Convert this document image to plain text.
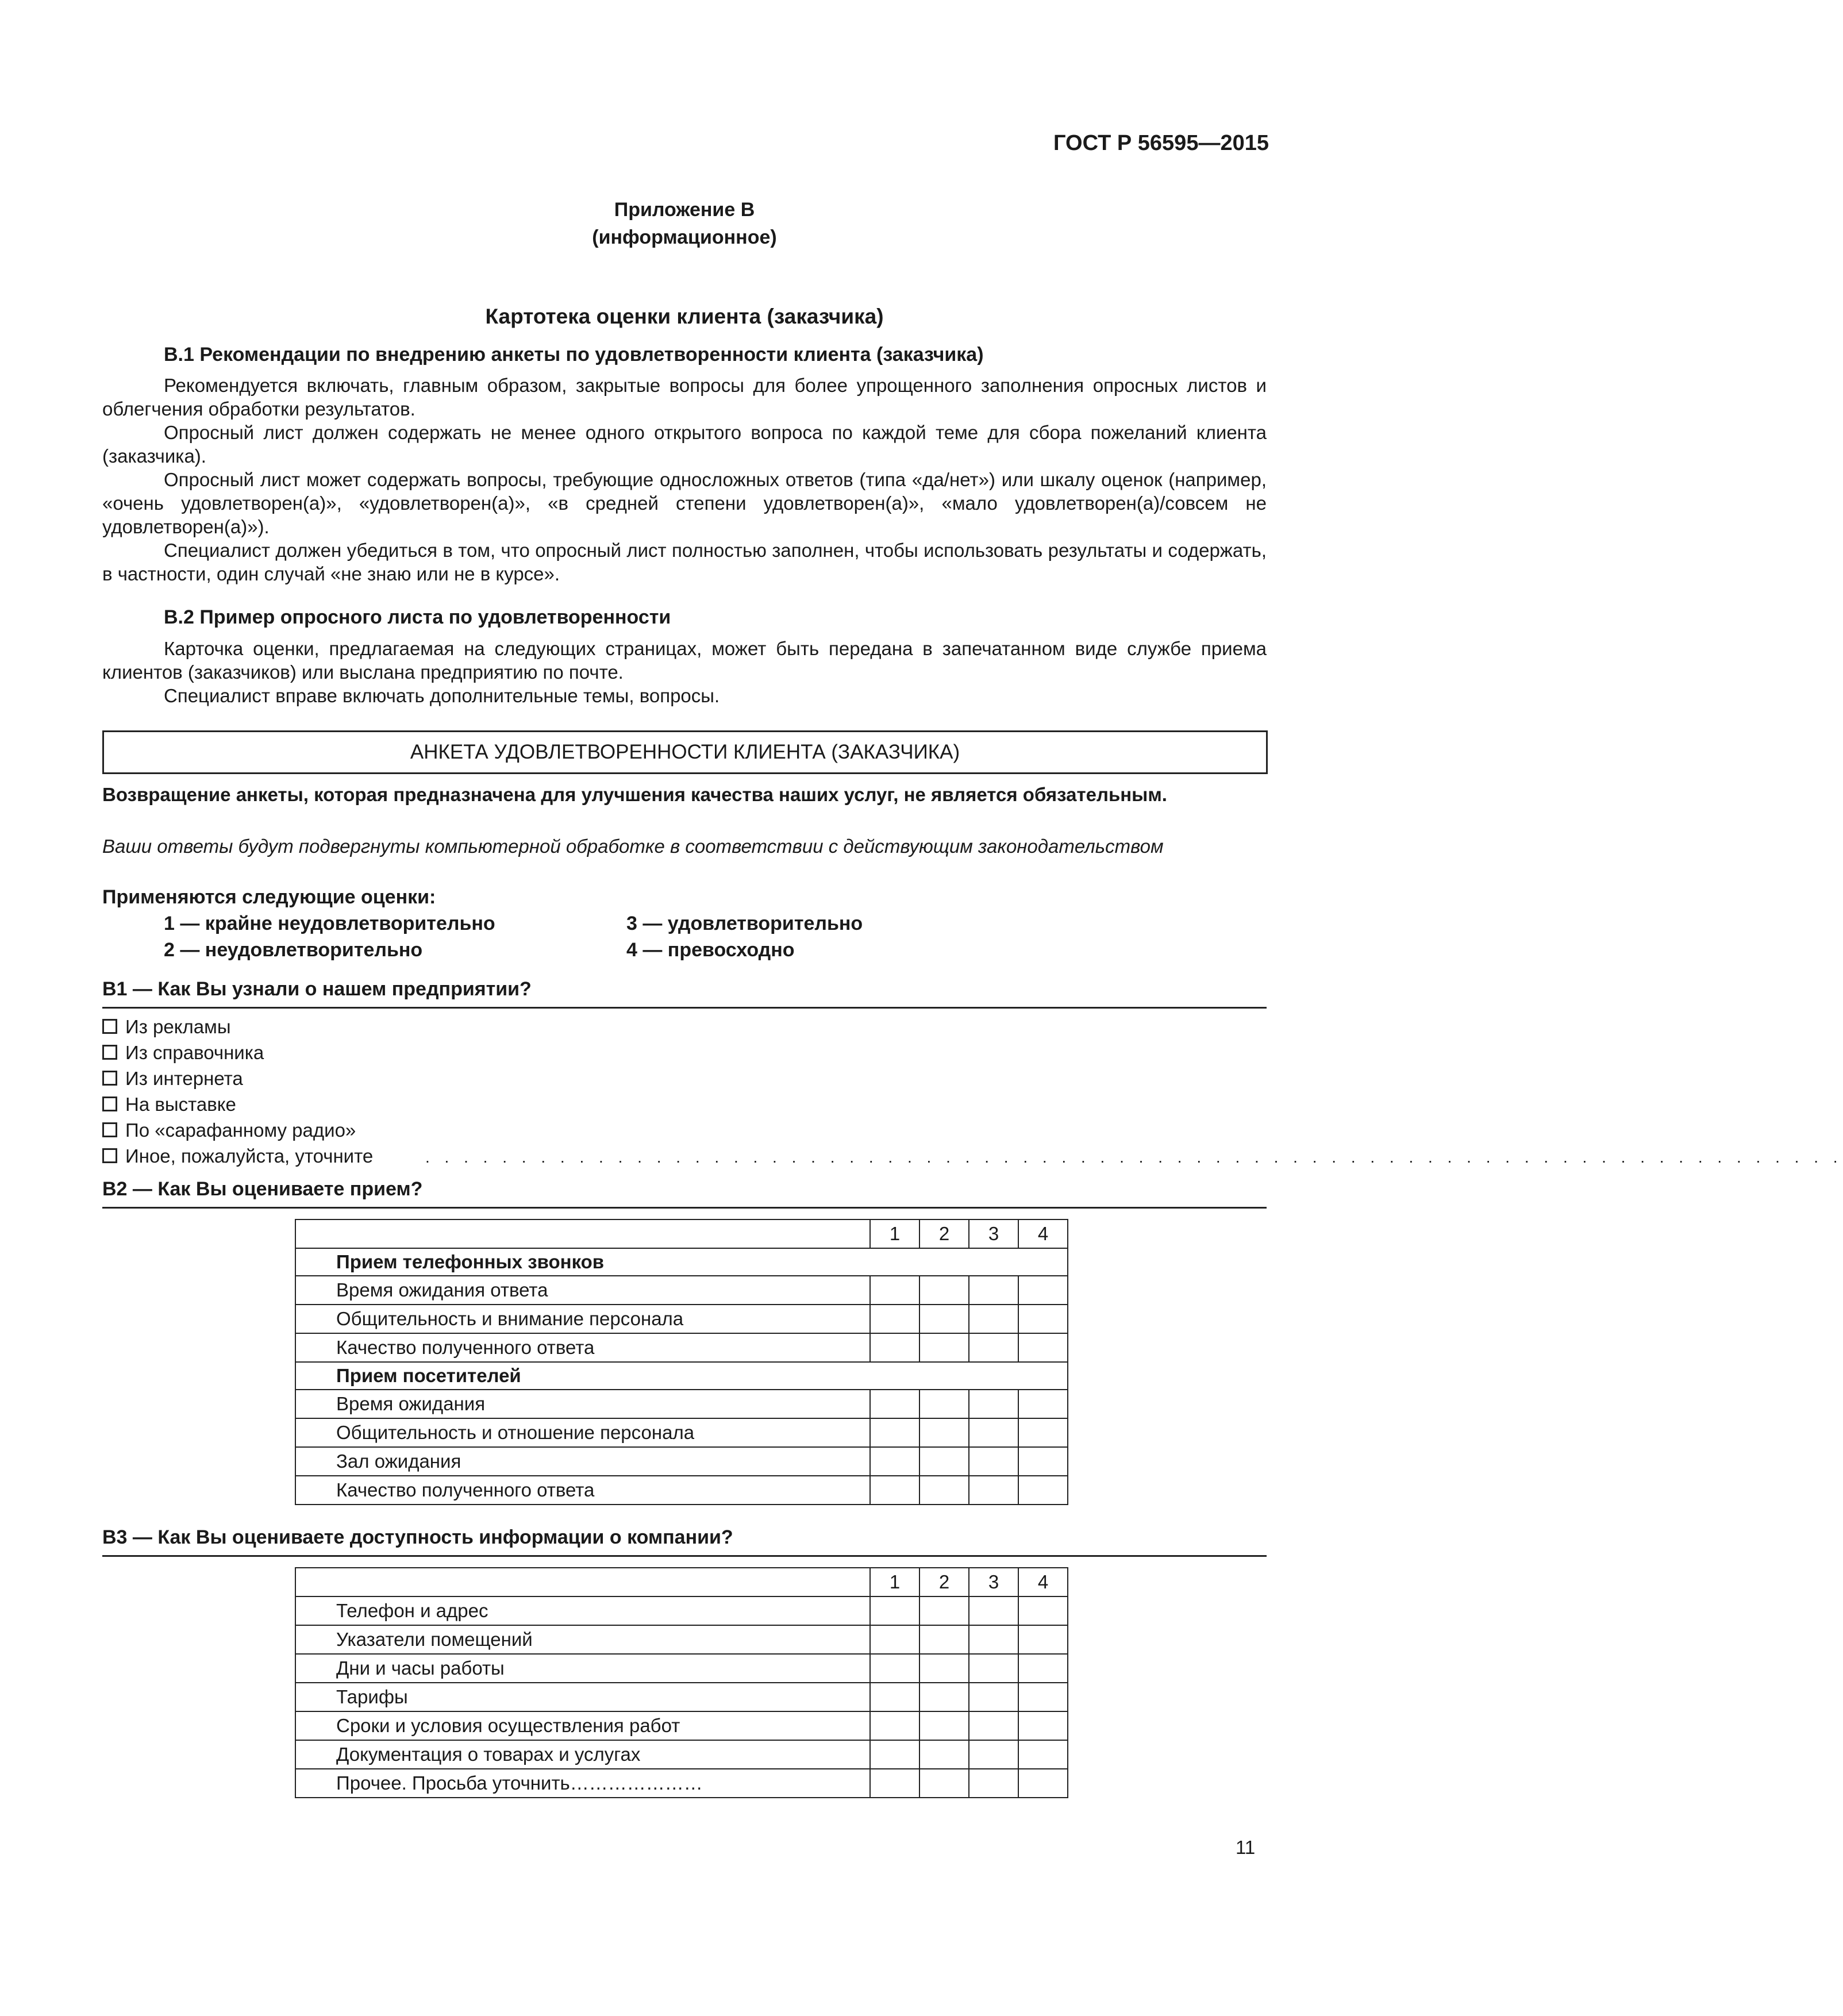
ГОСТ Р 56595—2015
Приложение В
(информационное)
Картотека оценки клиента (заказчика)
В.1 Рекомендации по внедрению анкеты по удовлетворенности клиента (заказчика)

Рекомендуется включать, главным образом, закрытые вопросы для более упрощенного заполнения опросных листов и облегчения обработки результатов.

Опросный лист должен содержать не менее одного открытого вопроса по каждой теме для сбора пожеланий клиента (заказчика).

Опросный лист может содержать вопросы, требующие односложных ответов (типа «да/нет») или шкалу оценок (например, «очень удовлетворен(а)», «удовлетворен(а)», «в средней степени удовлетворен(а)», «мало удовлетворен(а)/совсем не удовлетворен(а)»).

Специалист должен убедиться в том, что опросный лист полностью заполнен, чтобы использовать результаты и содержать, в частности, один случай «не знаю или не в курсе».

В.2 Пример опросного листа по удовлетворенности

Карточка оценки, предлагаемая на следующих страницах, может быть передана в запечатанном виде службе приема клиентов (заказчиков) или выслана предприятию по почте.

Специалист вправе включать дополнительные темы, вопросы.

АНКЕТА УДОВЛЕТВОРЕННОСТИ КЛИЕНТА (ЗАКАЗЧИКА)
Возвращение анкеты, которая предназначена для улучшения качества наших услуг, не является обязательным.
Ваши ответы будут подвергнуты компьютерной обработке в соответствии с действующим законодательством
Применяются следующие оценки:
1 — крайне неудовлетворительно
2 — неудовлетворительно
3 — удовлетворительно
4 — превосходно
В1 — Как Вы узнали о нашем предприятии?
Из рекламы
Из справочника
Из интернета
На выставке
По «сарафанному радио»
Иное, пожалуйста, уточните	. . . . . . . . . . . . . . . . . . . . . . . . . . . . . . . . . . . . . . . . . . . . . . . . . . . . . . . . . . . . . . . . . . . . . . . . . .
В2 — Как Вы оцениваете прием?
	1	2	3	4
Прием телефонных звонков				
Время ожидания ответа				
Общительность и внимание персонала				
Качество полученного ответа				
Прием посетителей				
Время ожидания				
Общительность и отношение персонала				
Зал ожидания				
Качество полученного ответа				
В3 — Как Вы оцениваете доступность информации о компании?
	1	2	3	4
Телефон и адрес				
Указатели помещений				
Дни и часы работы				
Тарифы				
Сроки и условия осуществления работ				
Документация о товарах и услугах				
Прочее. Просьба уточнить…………………				
11
